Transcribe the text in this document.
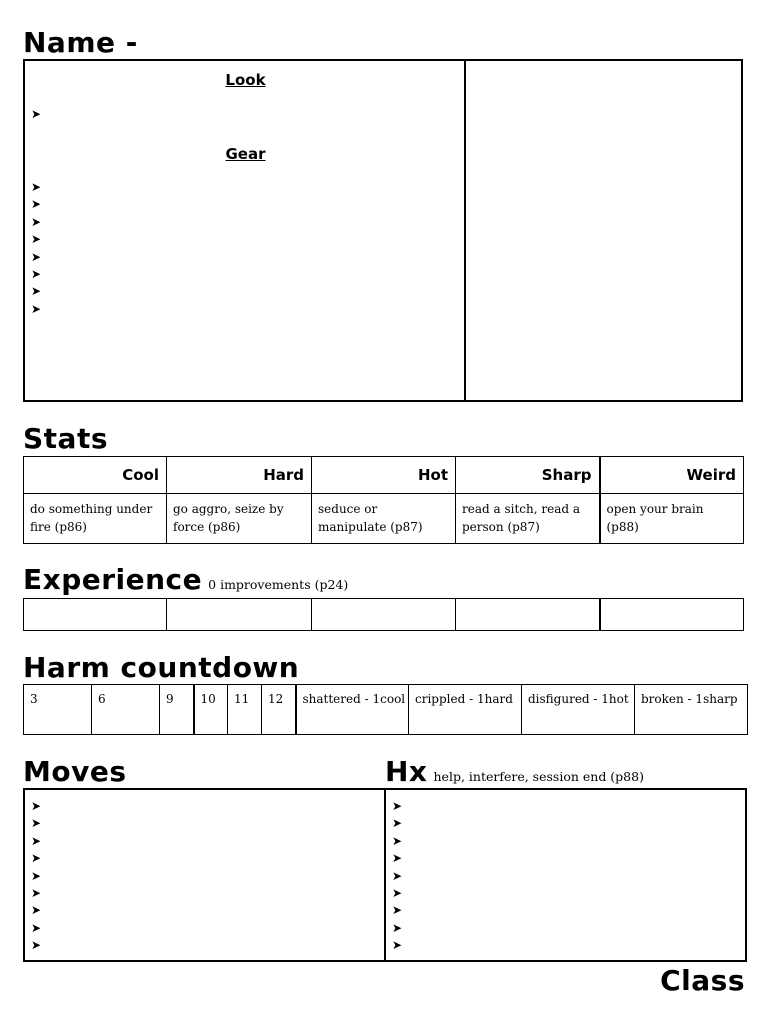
Name -
Look
➤
Gear
➤
➤
➤
➤
➤
➤
➤
➤
Stats
Cool	Hard	Hot	Sharp	Weird
do something under fire (p86)	go aggro, seize by force (p86)	seduce or manipulate (p87)	read a sitch, read a person (p87)	open your brain (p88)
Experience 0 improvements (p24)

Harm countdown
3	6	9	10	11	12	shattered - 1cool	crippled - 1hard	disfigured - 1hot	broken - 1sharp
Moves	Hx help, interfere, session end (p88)
➤
➤
➤
➤
➤
➤
➤
➤
➤
➤
➤
➤
➤
➤
➤
➤
➤
➤
Class
